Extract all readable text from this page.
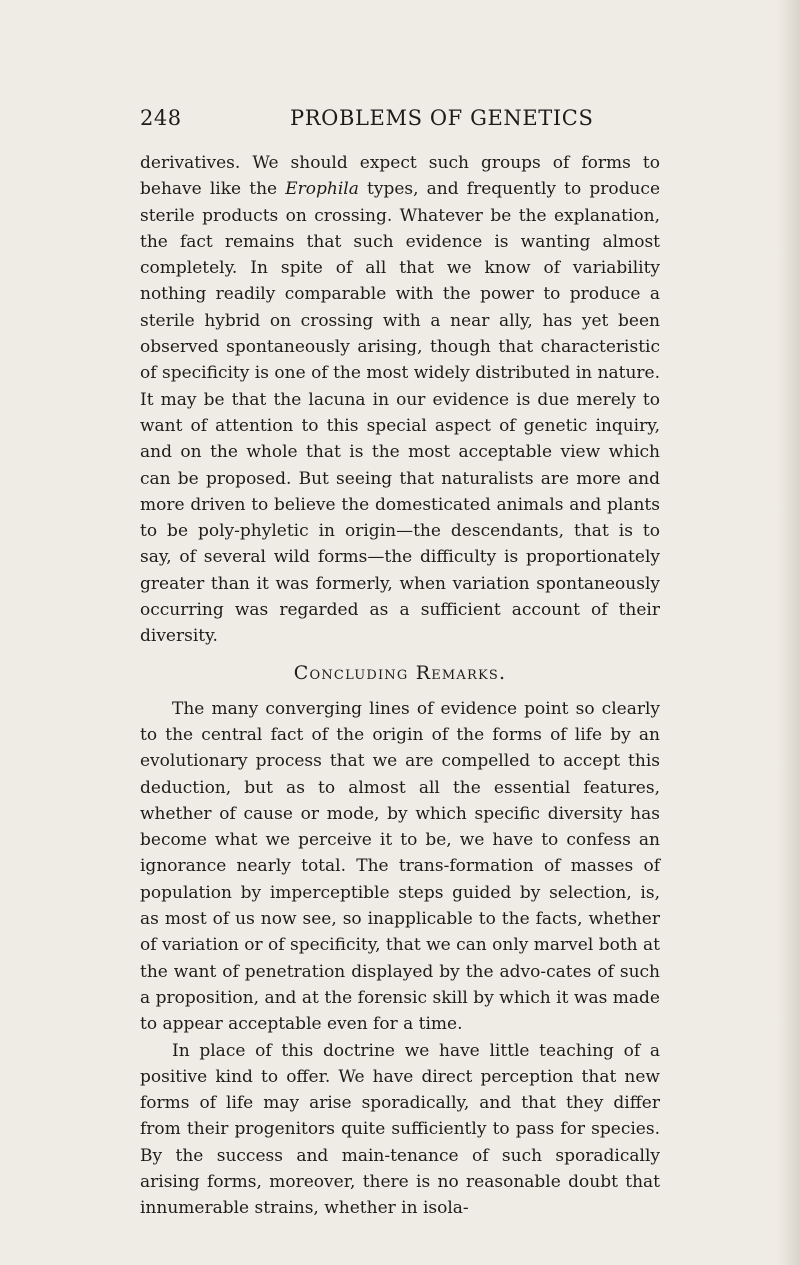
248	PROBLEMS OF GENETICS

derivatives. We should expect such groups of forms to behave like the Erophila types, and frequently to produce sterile products on crossing. Whatever be the explanation, the fact remains that such evidence is wanting almost completely. In spite of all that we know of variability nothing readily comparable with the power to produce a sterile hybrid on crossing with a near ally, has yet been observed spontaneously arising, though that characteristic of specificity is one of the most widely distributed in nature. It may be that the lacuna in our evidence is due merely to want of attention to this special aspect of genetic inquiry, and on the whole that is the most acceptable view which can be proposed. But seeing that naturalists are more and more driven to believe the domesticated animals and plants to be poly-phyletic in origin—the descendants, that is to say, of several wild forms—the difficulty is proportionately greater than it was formerly, when variation spontaneously occurring was regarded as a sufficient account of their diversity.

Concluding Remarks.

The many converging lines of evidence point so clearly to the central fact of the origin of the forms of life by an evolutionary process that we are compelled to accept this deduction, but as to almost all the essential features, whether of cause or mode, by which specific diversity has become what we perceive it to be, we have to confess an ignorance nearly total. The trans-formation of masses of population by imperceptible steps guided by selection, is, as most of us now see, so inapplicable to the facts, whether of variation or of specificity, that we can only marvel both at the want of penetration displayed by the advo-cates of such a proposition, and at the forensic skill by which it was made to appear acceptable even for a time.

In place of this doctrine we have little teaching of a positive kind to offer. We have direct perception that new forms of life may arise sporadically, and that they differ from their progenitors quite sufficiently to pass for species. By the success and main-tenance of such sporadically arising forms, moreover, there is no reasonable doubt that innumerable strains, whether in isola-
